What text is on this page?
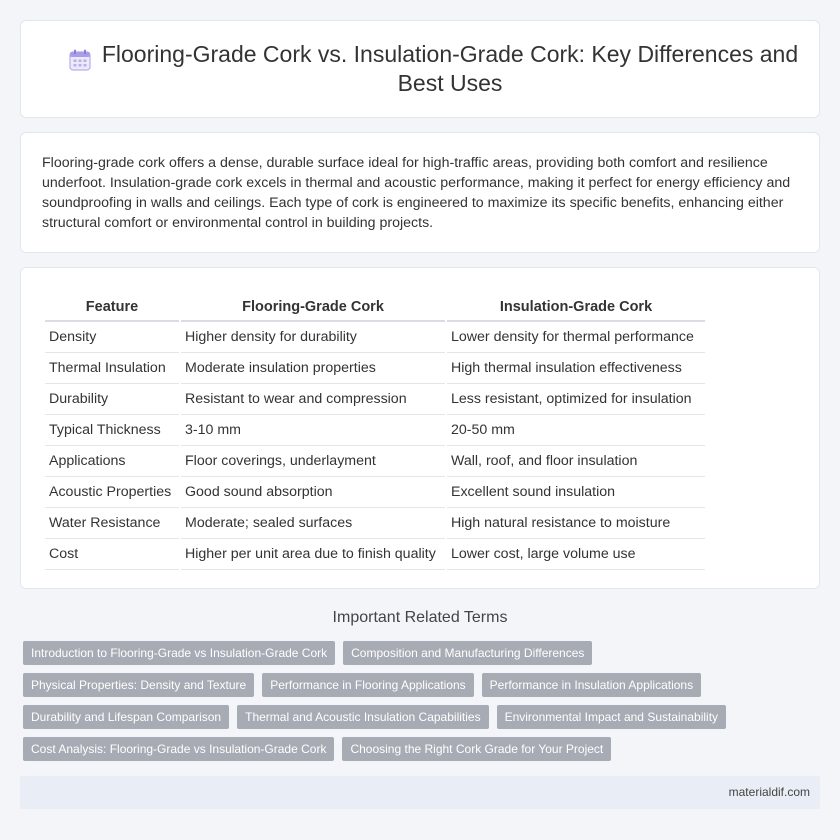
Flooring-Grade Cork vs. Insulation-Grade Cork: Key Differences and Best Uses

Flooring-grade cork offers a dense, durable surface ideal for high-traffic areas, providing both comfort and resilience underfoot. Insulation-grade cork excels in thermal and acoustic performance, making it perfect for energy efficiency and soundproofing in walls and ceilings. Each type of cork is engineered to maximize its specific benefits, enhancing either structural comfort or environmental control in building projects.

Feature	Flooring-Grade Cork	Insulation-Grade Cork
Density	Higher density for durability	Lower density for thermal performance
Thermal Insulation	Moderate insulation properties	High thermal insulation effectiveness
Durability	Resistant to wear and compression	Less resistant, optimized for insulation
Typical Thickness	3-10 mm	20-50 mm
Applications	Floor coverings, underlayment	Wall, roof, and floor insulation
Acoustic Properties	Good sound absorption	Excellent sound insulation
Water Resistance	Moderate; sealed surfaces	High natural resistance to moisture
Cost	Higher per unit area due to finish quality	Lower cost, large volume use
Important Related Terms
Introduction to Flooring-Grade vs Insulation-Grade Cork	Composition and Manufacturing Differences
Physical Properties: Density and Texture	Performance in Flooring Applications	Performance in Insulation Applications
Durability and Lifespan Comparison	Thermal and Acoustic Insulation Capabilities	Environmental Impact and Sustainability
Cost Analysis: Flooring-Grade vs Insulation-Grade Cork	Choosing the Right Cork Grade for Your Project
materialdif.com
